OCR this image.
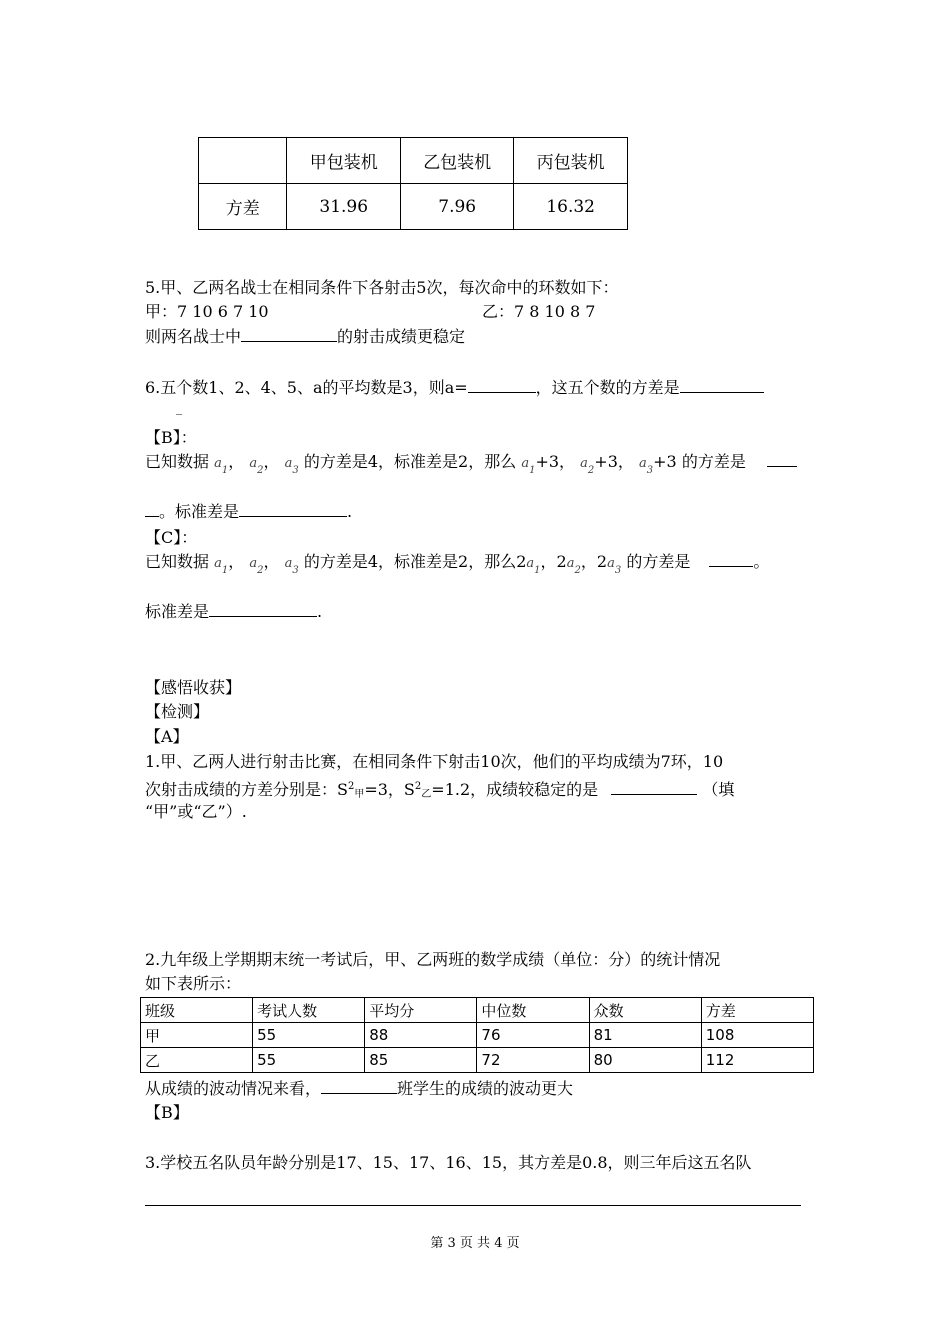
	甲包装机	乙包装机	丙包装机
方差	31.96	7.96	16.32
5.甲、乙两名战士在相同条件下各射击5次，每次命中的环数如下：
甲：7 10 6 7 10	乙：7 8 10 8 7
则两名战士中	的射击成绩更稳定
6.五个数1、2、4、5、a的平均数是3，则a=	，这五个数的方差是
_
【B】：
已知数据 $a_1$， $a_2$， $a_3$ 的方差是4，标准差是2，那么 $a_1+3$， $a_2+3$， $a_3+3$ 的方差是
。标准差是	.
【C】：
已知数据 $a_1$， $a_2$， $a_3$ 的方差是4，标准差是2，那么$2a_1$，$2a_2$，$2a_3$ 的方差是	。
标准差是	.
【感悟收获】
【检测】
【A】
1.甲、乙两人进行射击比赛，在相同条件下射击10次，他们的平均成绩为7环，10
次射击成绩的方差分别是：$S^2$甲=3，$S^2$乙=1.2，成绩较稳定的是	（填
“甲”或“乙”）.
2.九年级上学期期末统一考试后，甲、乙两班的数学成绩（单位：分）的统计情况
如下表所示：
班级	考试人数	平均分	中位数	众数	方差
甲	55	88	76	81	108
乙	55	85	72	80	112
从成绩的波动情况来看，	班学生的成绩的波动更大
【B】
3.学校五名队员年龄分别是17、15、17、16、15，其方差是0.8，则三年后这五名队
第 3 页 共 4 页
